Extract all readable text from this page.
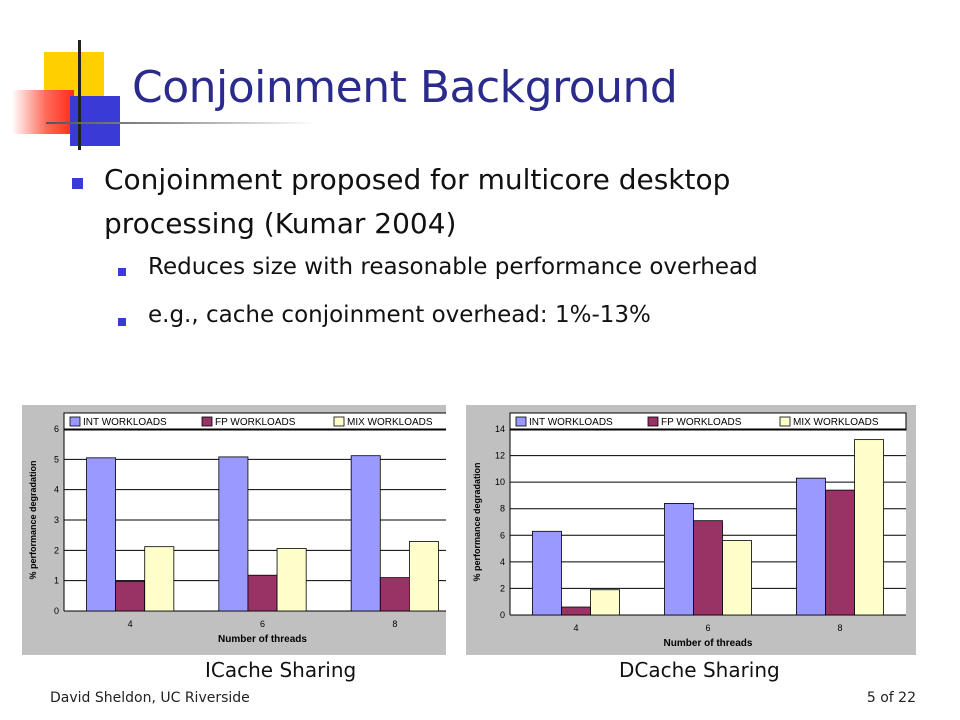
Conjoinment Background
Conjoinment proposed for multicore desktop processing (Kumar 2004)
Reduces size with reasonable performance overhead
e.g., cache conjoinment overhead: 1%-13%
INT WORKLOADS	FP WORKLOADS	MIX WORKLOADS
0
1
2
3
4
5
6
4	6	8
Number of threads
% performance degradation
INT WORKLOADS	FP WORKLOADS	MIX WORKLOADS
0
2
4
6
8
10
12
14
4	6	8
Number of threads
% performance degradation
ICache Sharing	DCache Sharing
David Sheldon, UC Riverside	5 of 22
